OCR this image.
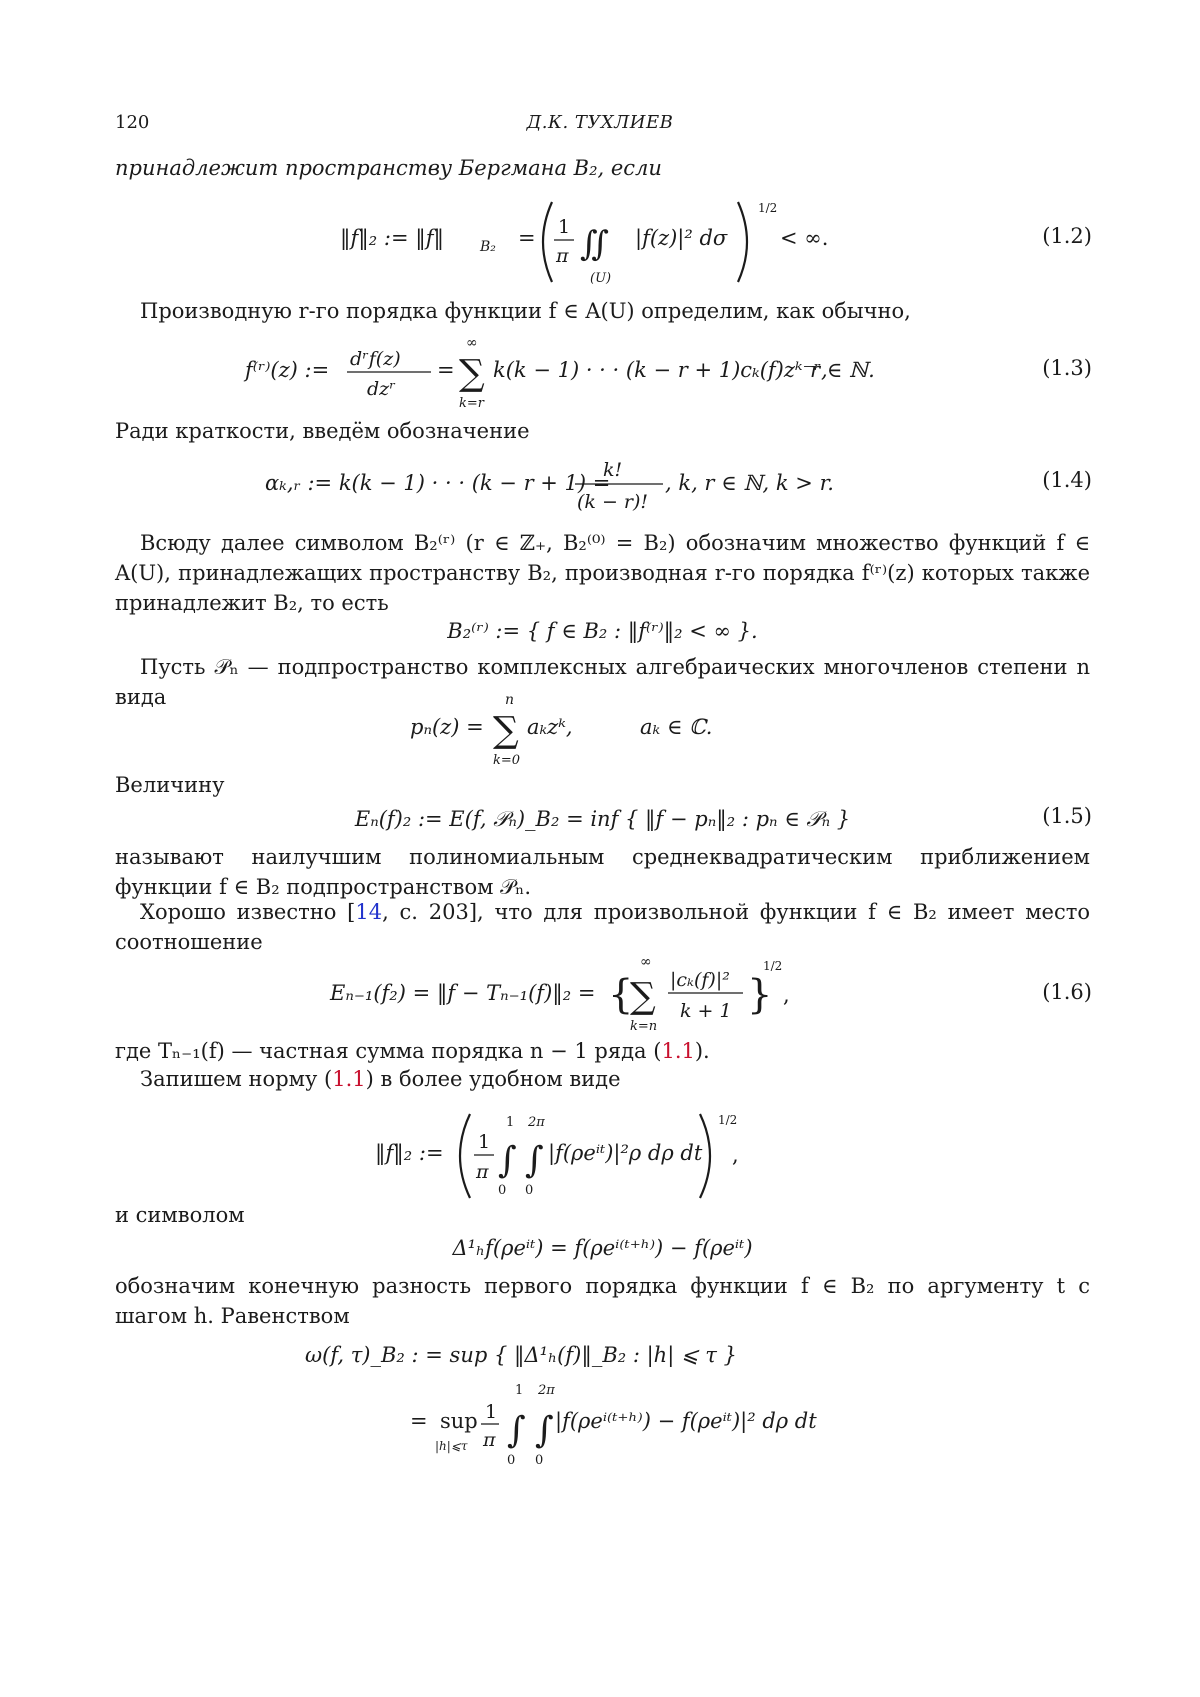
120	Д.К. ТУХЛИЕВ
принадлежит пространству Бергмана B₂, если
‖f‖₂ := ‖f‖	B₂ = 1
π ∬
(U)
|f(z)|² dσ
1/2
< ∞.	(1.2)
Производную r-го порядка функции f ∈ A(U) определим, как обычно,
f⁽ʳ⁾(z) := dʳf(z)
dzʳ
=
∞
∑
k=r
k(k − 1) · · · (k − r + 1)cₖ(f)zᵏ⁻ʳ,
r ∈ ℕ.	(1.3)
Ради краткости, введём обозначение
αₖ,ᵣ := k(k − 1) · · · (k − r + 1) =
k!
(k − r)!
, k, r ∈ ℕ, k > r.	(1.4)
Всюду далее символом B₂⁽ʳ⁾ (r ∈ ℤ₊, B₂⁽⁰⁾ = B₂) обозначим множество функций f ∈ A(U), принадлежащих пространству B₂, производная r-го порядка f⁽ʳ⁾(z) которых также принадлежит B₂, то есть
B₂⁽ʳ⁾ := { f ∈ B₂ : ‖f⁽ʳ⁾‖₂ < ∞ }.
Пусть 𝒫ₙ — подпространство комплексных алгебраических многочленов степени n вида
pₙ(z) =
n
∑
k=0
aₖzᵏ,	aₖ ∈ ℂ.
Величину
Eₙ(f)₂ := E(f, 𝒫ₙ)_B₂ = inf { ‖f − pₙ‖₂ : pₙ ∈ 𝒫ₙ }	(1.5)
называют наилучшим полиномиальным среднеквадратическим приближением функции f ∈ B₂ подпространством 𝒫ₙ.
Хорошо известно [14, с. 203], что для произвольной функции f ∈ B₂ имеет место соотношение
Eₙ₋₁(f₂) = ‖f − Tₙ₋₁(f)‖₂ = {
∞
∑
k=n
|cₖ(f)|²
k + 1 }
1/2
,	(1.6)
где Tₙ₋₁(f) — частная сумма порядка n − 1 ряда (1.1).
Запишем норму (1.1) в более удобном виде
‖f‖₂ := 1
π
1
∫
0
2π
∫
0
|f(ρeⁱᵗ)|²ρ dρ dt
1/2
,
и символом
Δ¹ₕf(ρeⁱᵗ) = f(ρeⁱ⁽ᵗ⁺ʰ⁾) − f(ρeⁱᵗ)
обозначим конечную разность первого порядка функции f ∈ B₂ по аргументу t с шагом h. Равенством
ω(f, τ)_B₂ : = sup { ‖Δ¹ₕ(f)‖_B₂ : |h| ⩽ τ }
= sup
|h|⩽τ
1
π
1
∫
0
2π
∫
0
|f(ρeⁱ⁽ᵗ⁺ʰ⁾) − f(ρeⁱᵗ)|² dρ dt
